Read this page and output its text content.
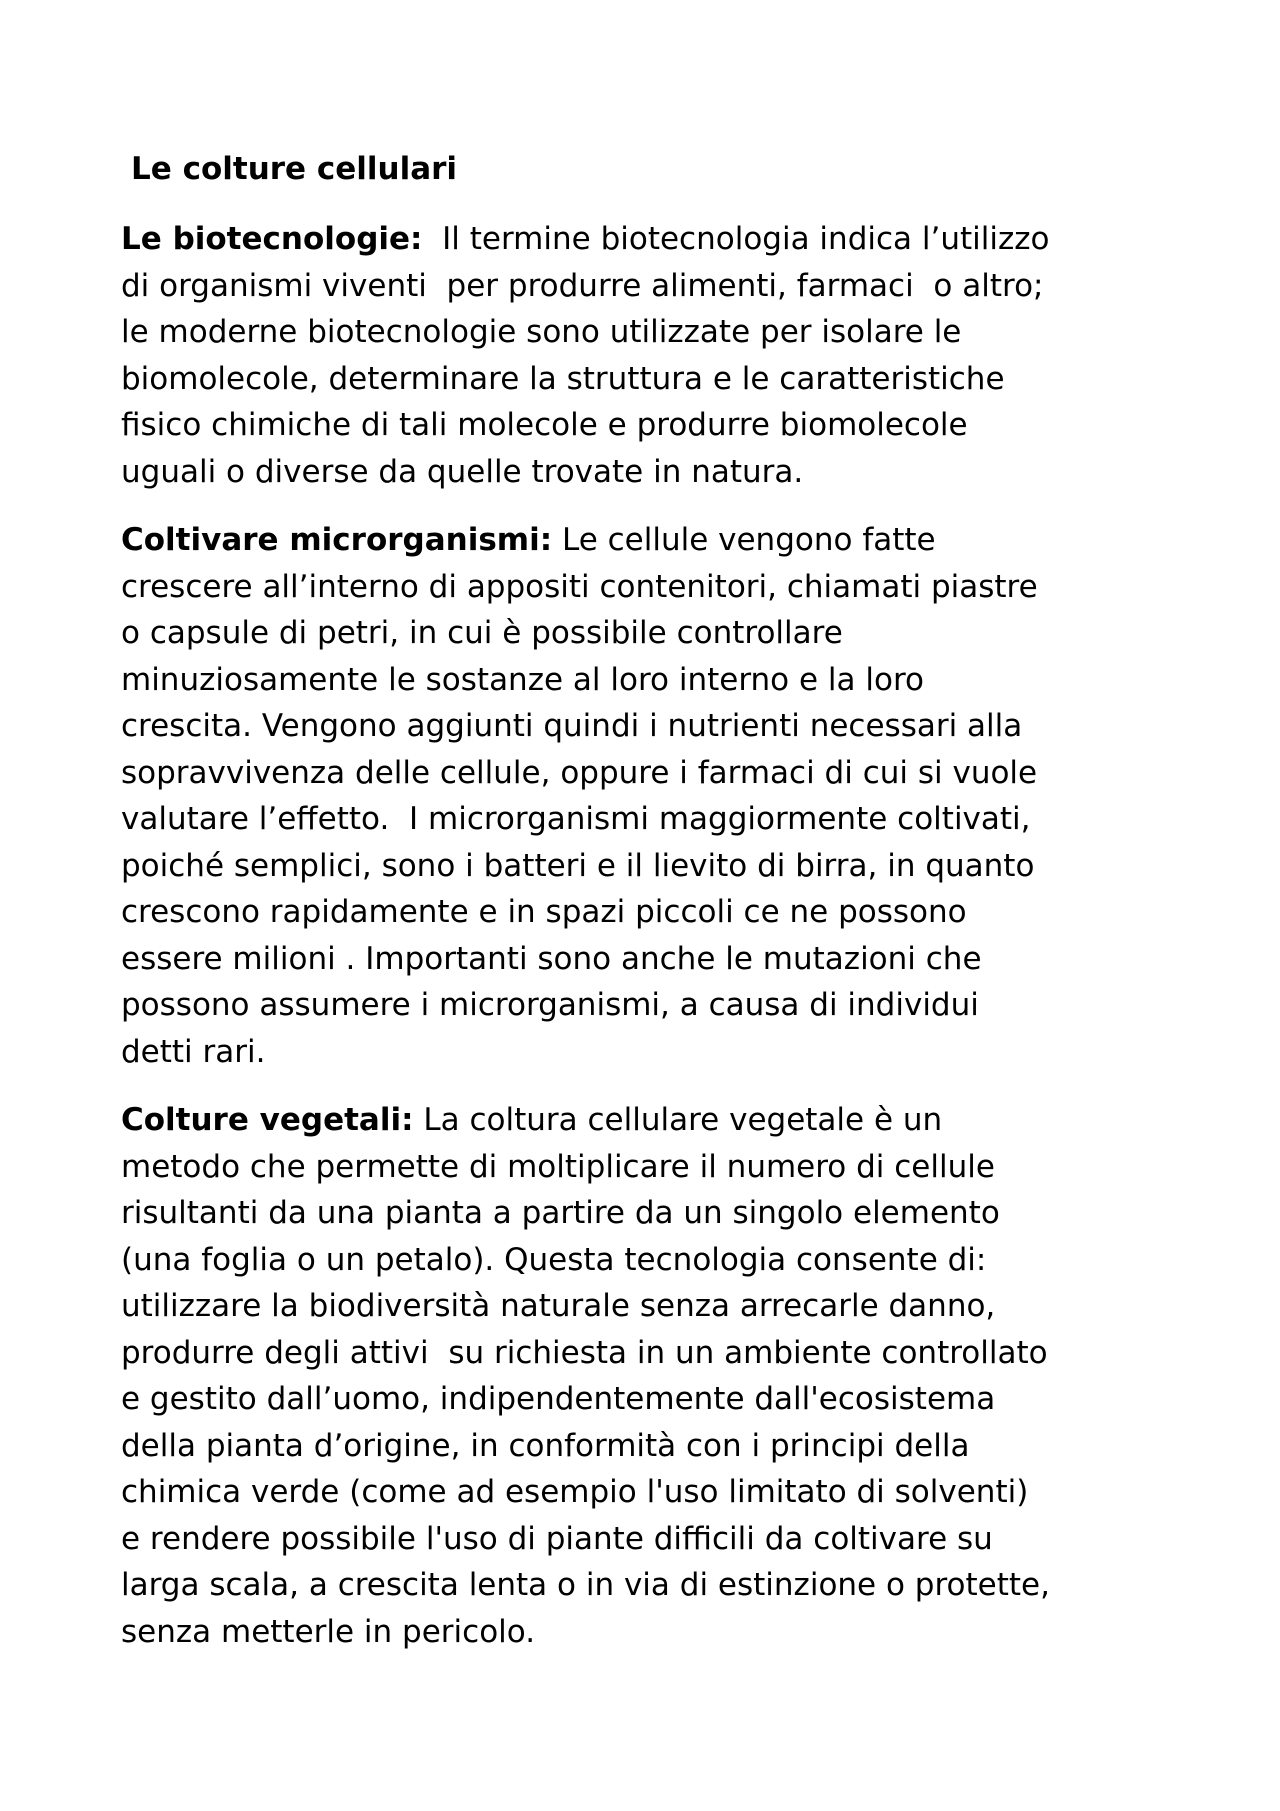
Le colture cellulari

Le biotecnologie:  Il termine biotecnologia indica l’utilizzo
di organismi viventi  per produrre alimenti, farmaci  o altro;
le moderne biotecnologie sono utilizzate per isolare le
biomolecole, determinare la struttura e le caratteristiche
fisico chimiche di tali molecole e produrre biomolecole
uguali o diverse da quelle trovate in natura.

Coltivare microrganismi: Le cellule vengono fatte
crescere all’interno di appositi contenitori, chiamati piastre
o capsule di petri, in cui è possibile controllare
minuziosamente le sostanze al loro interno e la loro
crescita. Vengono aggiunti quindi i nutrienti necessari alla
sopravvivenza delle cellule, oppure i farmaci di cui si vuole
valutare l’effetto.  I microrganismi maggiormente coltivati,
poiché semplici, sono i batteri e il lievito di birra, in quanto
crescono rapidamente e in spazi piccoli ce ne possono
essere milioni . Importanti sono anche le mutazioni che
possono assumere i microrganismi, a causa di individui
detti rari.

Colture vegetali: La coltura cellulare vegetale è un
metodo che permette di moltiplicare il numero di cellule
risultanti da una pianta a partire da un singolo elemento
(una foglia o un petalo). Questa tecnologia consente di:
utilizzare la biodiversità naturale senza arrecarle danno,
produrre degli attivi  su richiesta in un ambiente controllato
e gestito dall’uomo, indipendentemente dall'ecosistema
della pianta d’origine, in conformità con i principi della
chimica verde (come ad esempio l'uso limitato di solventi)
e rendere possibile l'uso di piante difficili da coltivare su
larga scala, a crescita lenta o in via di estinzione o protette,
senza metterle in pericolo.
